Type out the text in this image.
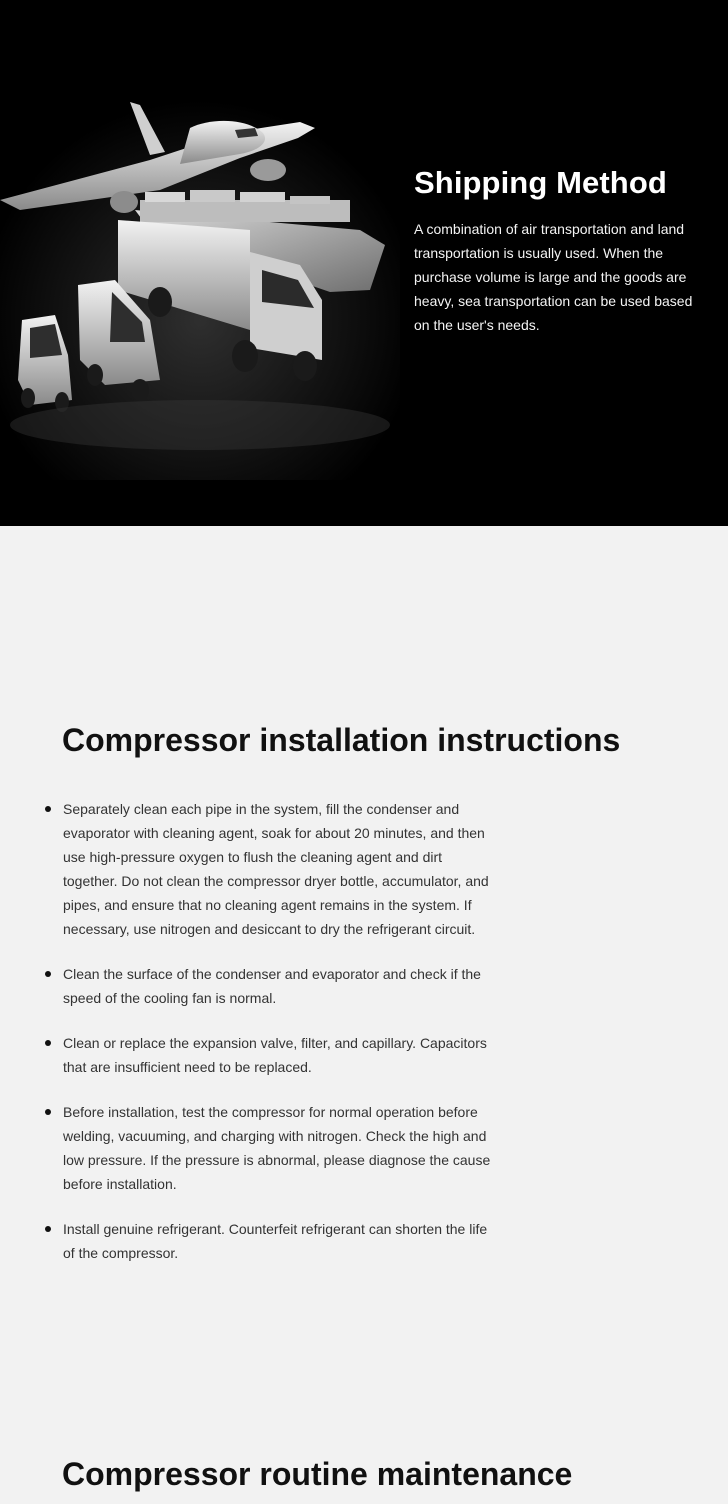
Shipping Method

A combination of air transportation and land transportation is usually used. When the purchase volume is large and the goods are heavy, sea transportation can be used based on the user's needs.

Compressor installation instructions
Separately clean each pipe in the system, fill the condenser and evaporator with cleaning agent, soak for about 20 minutes, and then use high-pressure oxygen to flush the cleaning agent and dirt together. Do not clean the compressor dryer bottle, accumulator, and pipes, and ensure that no cleaning agent remains in the system. If necessary, use nitrogen and desiccant to dry the refrigerant circuit.
Clean the surface of the condenser and evaporator and check if the speed of the cooling fan is normal.
Clean or replace the expansion valve, filter, and capillary. Capacitors that are insufficient need to be replaced.
Before installation, test the compressor for normal operation before welding, vacuuming, and charging with nitrogen. Check the high and low pressure. If the pressure is abnormal, please diagnose the cause before installation.
Install genuine refrigerant. Counterfeit refrigerant can shorten the life of the compressor.
Compressor routine maintenance
